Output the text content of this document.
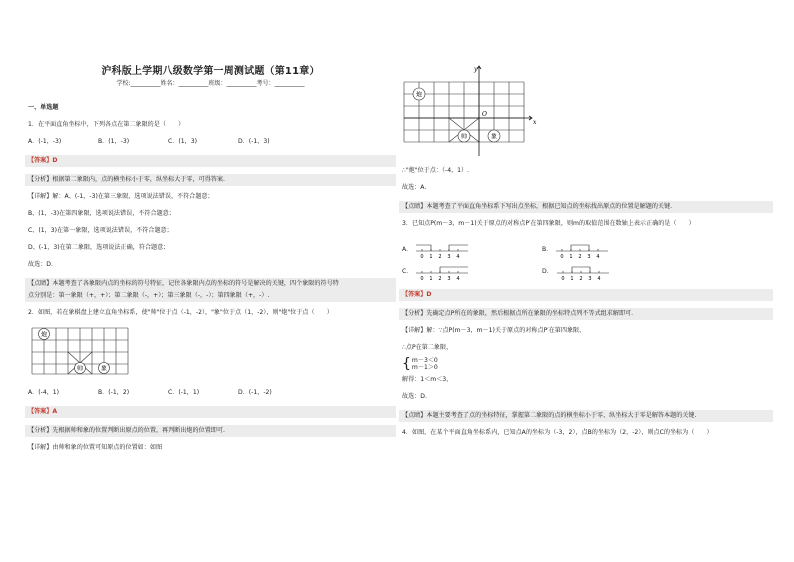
沪科版上学期八级数学第一周测试题（第11章）
学校:__________姓名：__________班级：__________考号：__________
一、单选题
1．在平面直角坐标中，下列各点在第二象限的是（　　）
A．(-1，-3)	B．(1，-3)	C．(1，3)	D．(-1，3)
【答案】D
【分析】根据第二象限内，点的横坐标小于零，纵坐标大于零，可得答案.
【详解】解：A、(-1，-3)在第三象限，选项说法错误，不符合题意；
B、(1，-3)在第四象限，选项说法错误，不符合题意；
C、(1，3)在第一象限，选项说法错误，不符合题意；
D、(-1，3)在第二象限，选项说法正确，符合题意；
故选：D.
【点睛】本题考查了各象限内点的坐标的符号特征，记住各象限内点的坐标的符号是解决的关键，四个象限的符号特
点分别是：第一象限（+，+）；第二象限（-，+）；第三象限（-，-）；第四象限（+，-）.
2．如图，若在象棋盘上建立直角坐标系，使"帅"位于点（-1，-2），"象"位于点（1，-2），则"炮"位于点（　　）
炮
帅	象
A．(-4，1)	B．(-1，2)	C．(-1，1)	D．(-1，-2)
【答案】A
【分析】先根据帅和象的位置判断出原点的位置，再判断出炮的位置即可.
【详解】由帅和象的位置可知原点的位置如：如图
y
x
O
炮
帅	象
∴"炮"位于点：（-4，1）.
故选：A.
【点睛】本题考查了平面直角坐标系下写出点坐标，根据已知点的坐标找出原点的位置是解题的关键.
3．已知点P(m－3，m－1)关于原点的对称点P′在第四象限，则m的取值范围在数轴上表示正确的是（　　）
A．
0 1 2 3 4
B．
0 1 2 3 4
C．
0 1 2 3 4
D．
0 1 2 3 4
【答案】D
【分析】先确定点P所在的象限，然后根据点所在象限的坐标特点列不等式组求解即可.
【详解】解：∵点P(m－3，m－1)关于原点的对称点P′在第四象限，
∴点P在第二象限，
{ m－3＜0
m－1＞0
解得：1＜m＜3，
故选：D.
【点睛】本题主要考查了点的坐标特征，掌握第二象限的点的横坐标小于零、纵坐标大于零是解答本题的关键.
4．如图，在某个平面直角坐标系内，已知点A的坐标为（-3，2），点B的坐标为（2，-2），则点C的坐标为（　　）
